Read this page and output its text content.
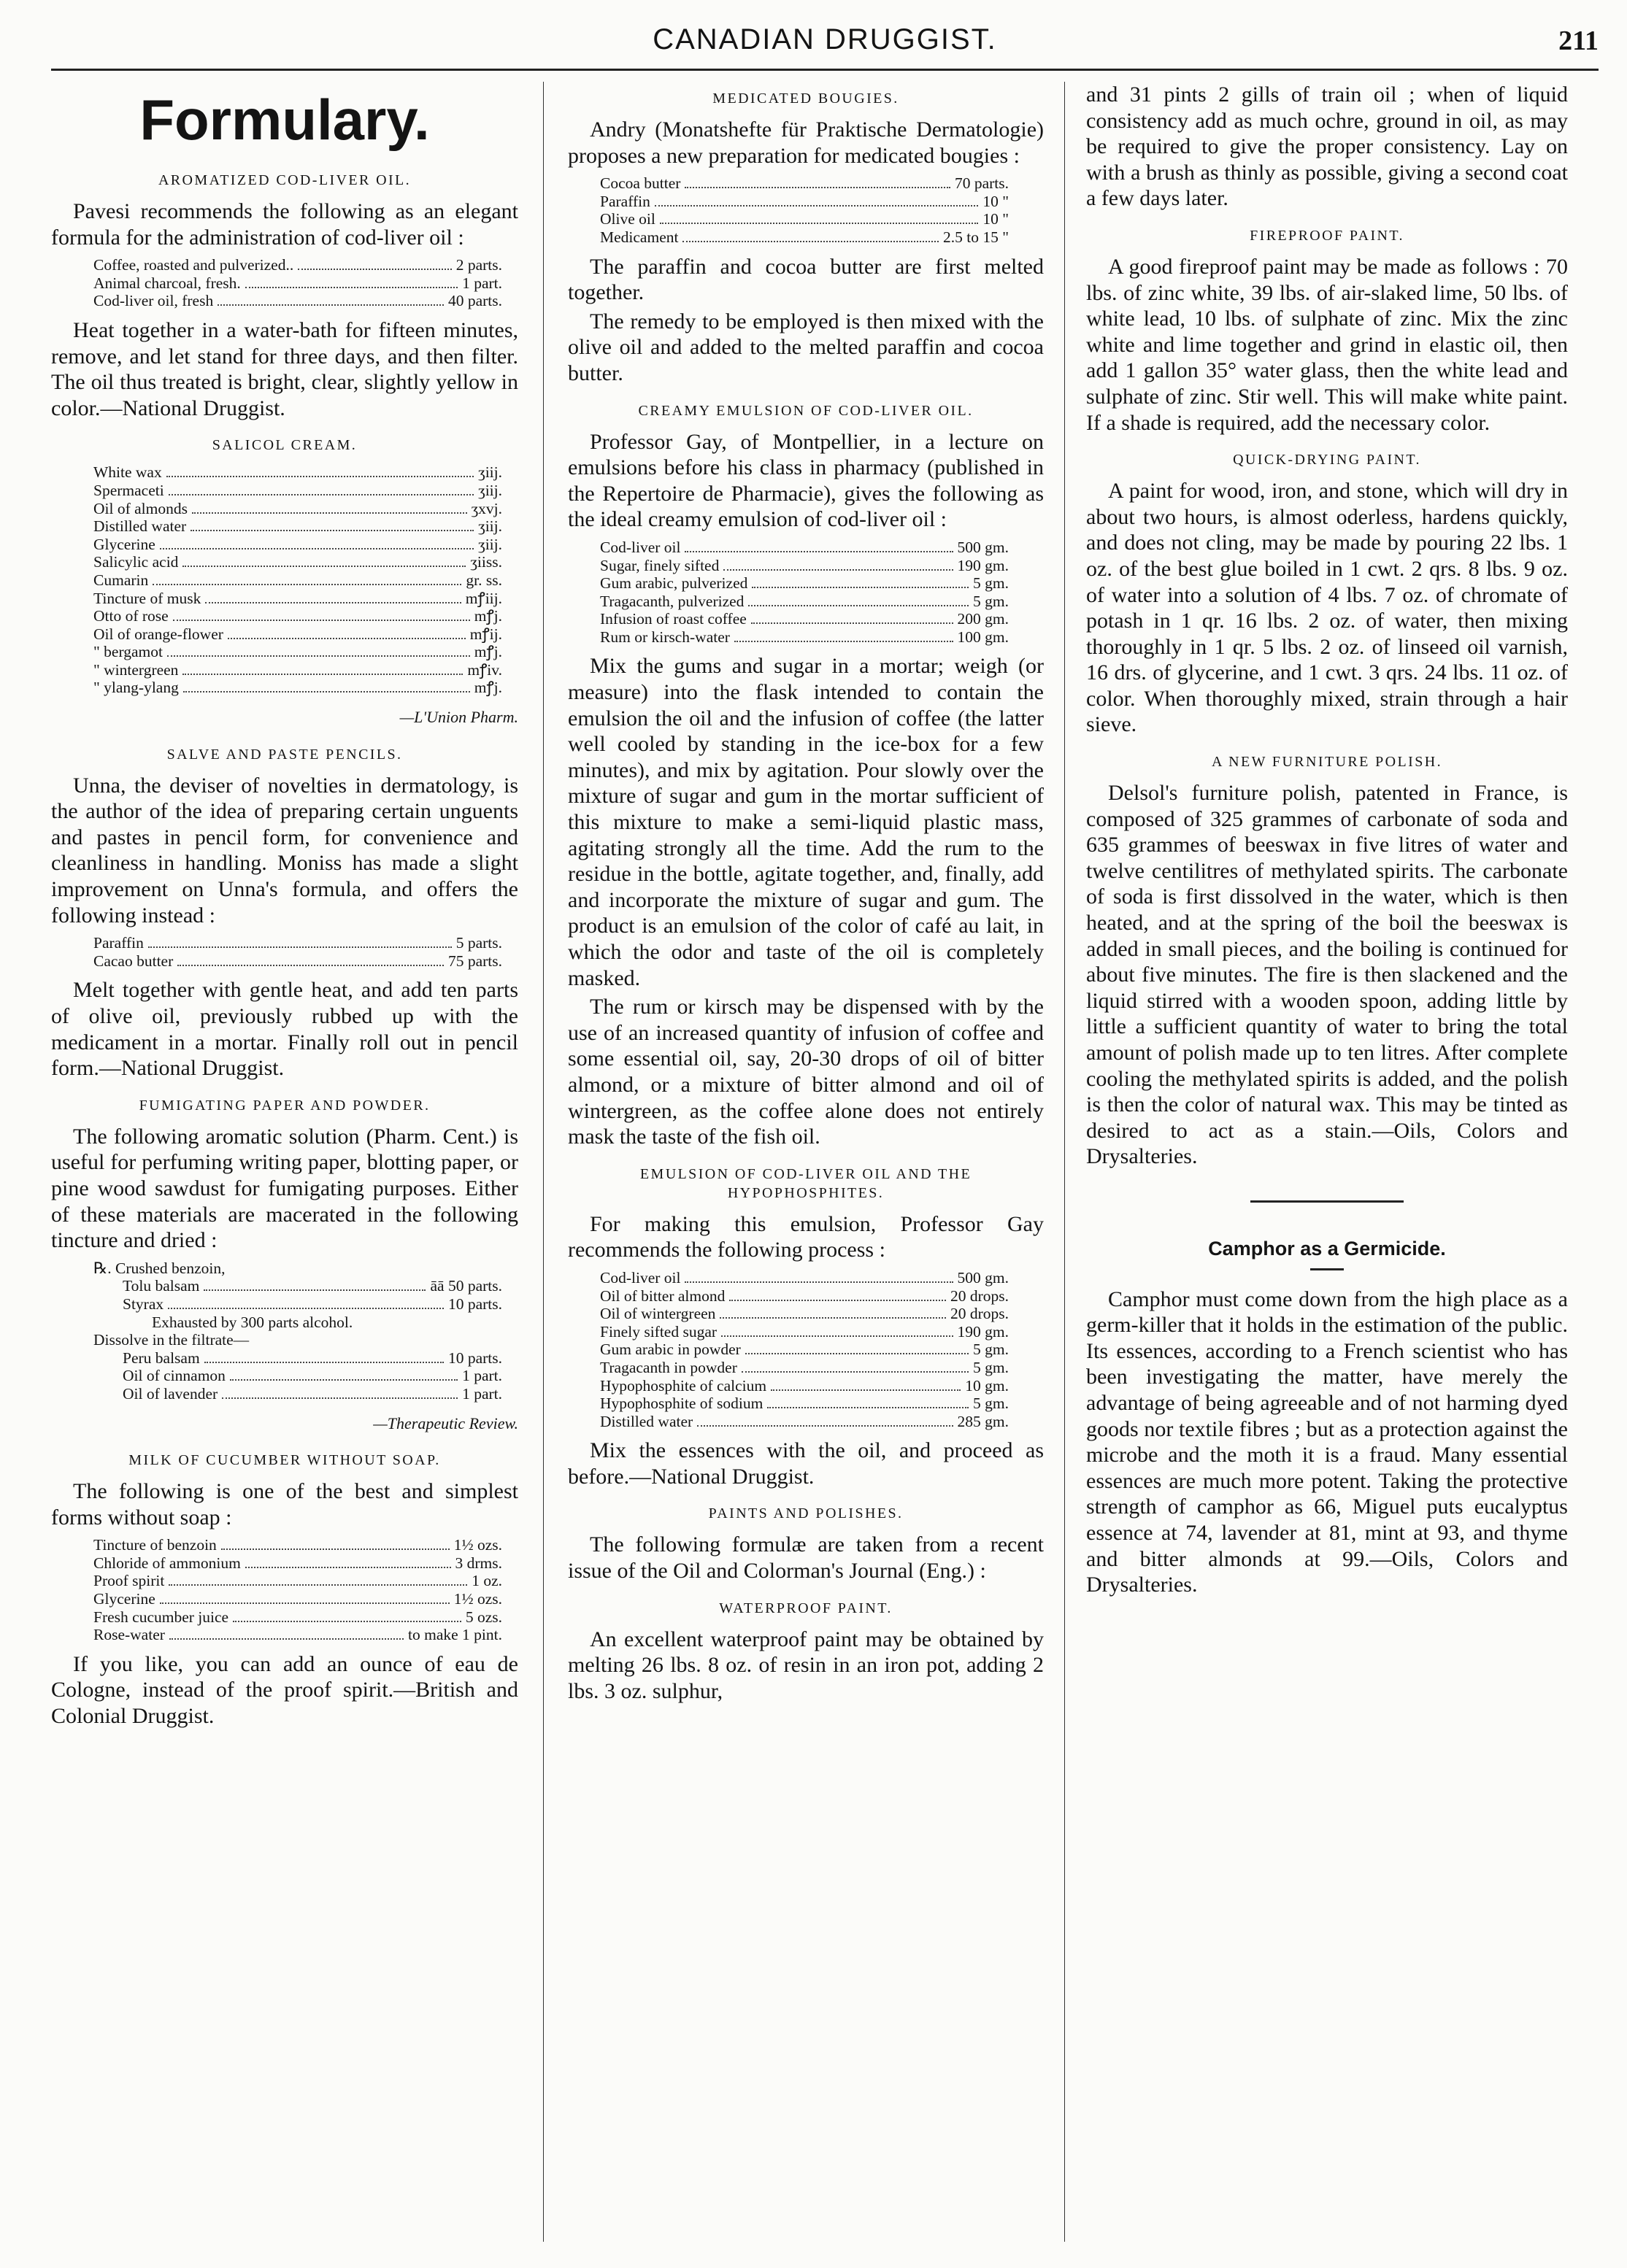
CANADIAN DRUGGIST.	211
Formulary.
AROMATIZED COD-LIVER OIL.

Pavesi recommends the following as an elegant formula for the administration of cod-liver oil :

Coffee, roasted and pulverized..	2 parts.
Animal charcoal, fresh.	1 part.
Cod-liver oil, fresh	40 parts.

Heat together in a water-bath for fifteen minutes, remove, and let stand for three days, and then filter. The oil thus treated is bright, clear, slightly yellow in color.—National Druggist.

SALICOL CREAM.
White wax	ʒiij.
Spermaceti	ʒiij.
Oil of almonds	ʒxvj.
Distilled water	ʒiij.
Glycerine	ʒiij.
Salicylic acid	ʒiiss.
Cumarin	gr. ss.
Tincture of musk	mꝭiij.
Otto of rose	mꝭj.
Oil of orange-flower	mꝭij.
" bergamot	mꝭj.
" wintergreen	mꝭiv.
" ylang-ylang	mꝭj.
—L'Union Pharm.
SALVE AND PASTE PENCILS.

Unna, the deviser of novelties in dermatology, is the author of the idea of preparing certain unguents and pastes in pencil form, for convenience and cleanliness in handling. Moniss has made a slight improvement on Unna's formula, and offers the following instead :

Paraffin	5 parts.
Cacao butter	75 parts.

Melt together with gentle heat, and add ten parts of olive oil, previously rubbed up with the medicament in a mortar. Finally roll out in pencil form.—National Druggist.

FUMIGATING PAPER AND POWDER.

The following aromatic solution (Pharm. Cent.) is useful for perfuming writing paper, blotting paper, or pine wood sawdust for fumigating purposes. Either of these materials are macerated in the following tincture and dried :

℞. Crushed benzoin,
Tolu balsam	āā 50 parts.
Styrax	10 parts.
Exhausted by 300 parts alcohol.
Dissolve in the filtrate—
Peru balsam	10 parts.
Oil of cinnamon	1 part.
Oil of lavender	1 part.
—Therapeutic Review.
MILK OF CUCUMBER WITHOUT SOAP.

The following is one of the best and simplest forms without soap :

Tincture of benzoin	1½ ozs.
Chloride of ammonium	3 drms.
Proof spirit	1 oz.
Glycerine	1½ ozs.
Fresh cucumber juice	5 ozs.
Rose-water	to make 1 pint.

If you like, you can add an ounce of eau de Cologne, instead of the proof spirit.—British and Colonial Druggist.

MEDICATED BOUGIES.

Andry (Monatshefte für Praktische Dermatologie) proposes a new preparation for medicated bougies :

Cocoa butter	70 parts.
Paraffin	10 "
Olive oil	10 "
Medicament	2.5 to 15 "

The paraffin and cocoa butter are first melted together.

The remedy to be employed is then mixed with the olive oil and added to the melted paraffin and cocoa butter.

CREAMY EMULSION OF COD-LIVER OIL.

Professor Gay, of Montpellier, in a lecture on emulsions before his class in pharmacy (published in the Repertoire de Pharmacie), gives the following as the ideal creamy emulsion of cod-liver oil :

Cod-liver oil	500 gm.
Sugar, finely sifted	190 gm.
Gum arabic, pulverized	5 gm.
Tragacanth, pulverized	5 gm.
Infusion of roast coffee	200 gm.
Rum or kirsch-water	100 gm.

Mix the gums and sugar in a mortar; weigh (or measure) into the flask intended to contain the emulsion the oil and the infusion of coffee (the latter well cooled by standing in the ice-box for a few minutes), and mix by agitation. Pour slowly over the mixture of sugar and gum in the mortar sufficient of this mixture to make a semi-liquid plastic mass, agitating strongly all the time. Add the rum to the residue in the bottle, agitate together, and, finally, add and incorporate the mixture of sugar and gum. The product is an emulsion of the color of café au lait, in which the odor and taste of the oil is completely masked.

The rum or kirsch may be dispensed with by the use of an increased quantity of infusion of coffee and some essential oil, say, 20-30 drops of oil of bitter almond, or a mixture of bitter almond and oil of wintergreen, as the coffee alone does not entirely mask the taste of the fish oil.

EMULSION OF COD-LIVER OIL AND THE HYPOPHOSPHITES.

For making this emulsion, Professor Gay recommends the following process :

Cod-liver oil	500 gm.
Oil of bitter almond	20 drops.
Oil of wintergreen	20 drops.
Finely sifted sugar	190 gm.
Gum arabic in powder	5 gm.
Tragacanth in powder	5 gm.
Hypophosphite of calcium	10 gm.
Hypophosphite of sodium	5 gm.
Distilled water	285 gm.

Mix the essences with the oil, and proceed as before.—National Druggist.

PAINTS AND POLISHES.

The following formulæ are taken from a recent issue of the Oil and Colorman's Journal (Eng.) :

WATERPROOF PAINT.

An excellent waterproof paint may be obtained by melting 26 lbs. 8 oz. of resin in an iron pot, adding 2 lbs. 3 oz. sulphur,

and 31 pints 2 gills of train oil ; when of liquid consistency add as much ochre, ground in oil, as may be required to give the proper consistency. Lay on with a brush as thinly as possible, giving a second coat a few days later.

FIREPROOF PAINT.

A good fireproof paint may be made as follows : 70 lbs. of zinc white, 39 lbs. of air-slaked lime, 50 lbs. of white lead, 10 lbs. of sulphate of zinc. Mix the zinc white and lime together and grind in elastic oil, then add 1 gallon 35° water glass, then the white lead and sulphate of zinc. Stir well. This will make white paint. If a shade is required, add the necessary color.

QUICK-DRYING PAINT.

A paint for wood, iron, and stone, which will dry in about two hours, is almost oderless, hardens quickly, and does not cling, may be made by pouring 22 lbs. 1 oz. of the best glue boiled in 1 cwt. 2 qrs. 8 lbs. 9 oz. of water into a solution of 4 lbs. 7 oz. of chromate of potash in 1 qr. 16 lbs. 2 oz. of water, then mixing thoroughly in 1 qr. 5 lbs. 2 oz. of linseed oil varnish, 16 drs. of glycerine, and 1 cwt. 3 qrs. 24 lbs. 11 oz. of color. When thoroughly mixed, strain through a hair sieve.

A NEW FURNITURE POLISH.

Delsol's furniture polish, patented in France, is composed of 325 grammes of carbonate of soda and 635 grammes of beeswax in five litres of water and twelve centilitres of methylated spirits. The carbonate of soda is first dissolved in the water, which is then heated, and at the spring of the boil the beeswax is added in small pieces, and the boiling is continued for about five minutes. The fire is then slackened and the liquid stirred with a wooden spoon, adding little by little a sufficient quantity of water to bring the total amount of polish made up to ten litres. After complete cooling the methylated spirits is added, and the polish is then the color of natural wax. This may be tinted as desired to act as a stain.—Oils, Colors and Drysalteries.

Camphor as a Germicide.

Camphor must come down from the high place as a germ-killer that it holds in the estimation of the public. Its essences, according to a French scientist who has been investigating the matter, have merely the advantage of being agreeable and of not harming dyed goods nor textile fibres ; but as a protection against the microbe and the moth it is a fraud. Many essential essences are much more potent. Taking the protective strength of camphor as 66, Miguel puts eucalyptus essence at 74, lavender at 81, mint at 93, and thyme and bitter almonds at 99.—Oils, Colors and Drysalteries.
